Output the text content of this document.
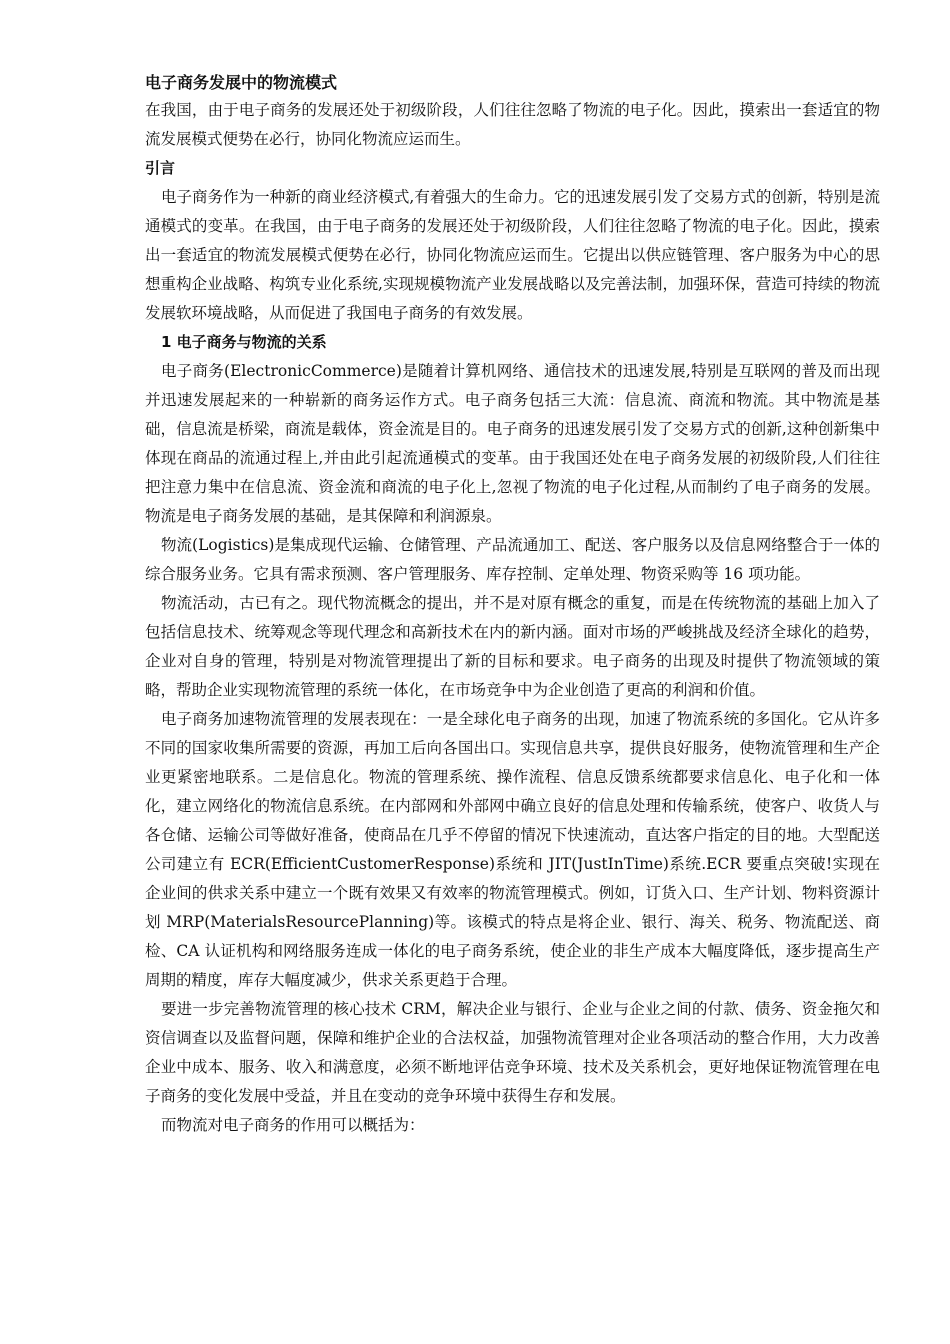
电子商务发展中的物流模式

在我国，由于电子商务的发展还处于初级阶段，人们往往忽略了物流的电子化。因此，摸索出一套适宜的物流发展模式便势在必行，协同化物流应运而生。

引言

电子商务作为一种新的商业经济模式,有着强大的生命力。它的迅速发展引发了交易方式的创新，特别是流通模式的变革。在我国，由于电子商务的发展还处于初级阶段，人们往往忽略了物流的电子化。因此，摸索出一套适宜的物流发展模式便势在必行，协同化物流应运而生。它提出以供应链管理、客户服务为中心的思想重构企业战略、构筑专业化系统,实现规模物流产业发展战略以及完善法制，加强环保，营造可持续的物流发展软环境战略，从而促进了我国电子商务的有效发展。

1 电子商务与物流的关系

电子商务(ElectronicCommerce)是随着计算机网络、通信技术的迅速发展,特别是互联网的普及而出现并迅速发展起来的一种崭新的商务运作方式。电子商务包括三大流：信息流、商流和物流。其中物流是基础，信息流是桥梁，商流是载体，资金流是目的。电子商务的迅速发展引发了交易方式的创新,这种创新集中体现在商品的流通过程上,并由此引起流通模式的变革。由于我国还处在电子商务发展的初级阶段,人们往往把注意力集中在信息流、资金流和商流的电子化上,忽视了物流的电子化过程,从而制约了电子商务的发展。物流是电子商务发展的基础，是其保障和利润源泉。

物流(Logistics)是集成现代运输、仓储管理、产品流通加工、配送、客户服务以及信息网络整合于一体的综合服务业务。它具有需求预测、客户管理服务、库存控制、定单处理、物资采购等 16 项功能。

物流活动，古已有之。现代物流概念的提出，并不是对原有概念的重复，而是在传统物流的基础上加入了包括信息技术、统筹观念等现代理念和高新技术在内的新内涵。面对市场的严峻挑战及经济全球化的趋势，企业对自身的管理，特别是对物流管理提出了新的目标和要求。电子商务的出现及时提供了物流领域的策略，帮助企业实现物流管理的系统一体化，在市场竞争中为企业创造了更高的利润和价值。

电子商务加速物流管理的发展表现在：一是全球化电子商务的出现，加速了物流系统的多国化。它从许多不同的国家收集所需要的资源，再加工后向各国出口。实现信息共享，提供良好服务，使物流管理和生产企业更紧密地联系。二是信息化。物流的管理系统、操作流程、信息反馈系统都要求信息化、电子化和一体化，建立网络化的物流信息系统。在内部网和外部网中确立良好的信息处理和传输系统，使客户、收货人与各仓储、运输公司等做好准备，使商品在几乎不停留的情况下快速流动，直达客户指定的目的地。大型配送公司建立有 ECR(EfficientCustomerResponse)系统和 JIT(JustInTime)系统.ECR 要重点突破!实现在企业间的供求关系中建立一个既有效果又有效率的物流管理模式。例如，订货入口、生产计划、物料资源计划 MRP(MaterialsResourcePlanning)等。该模式的特点是将企业、银行、海关、税务、物流配送、商检、CA 认证机构和网络服务连成一体化的电子商务系统，使企业的非生产成本大幅度降低，逐步提高生产周期的精度，库存大幅度减少，供求关系更趋于合理。

要进一步完善物流管理的核心技术 CRM，解决企业与银行、企业与企业之间的付款、债务、资金拖欠和资信调查以及监督问题，保障和维护企业的合法权益，加强物流管理对企业各项活动的整合作用，大力改善企业中成本、服务、收入和满意度，必须不断地评估竞争环境、技术及关系机会，更好地保证物流管理在电子商务的变化发展中受益，并且在变动的竞争环境中获得生存和发展。

而物流对电子商务的作用可以概括为：
